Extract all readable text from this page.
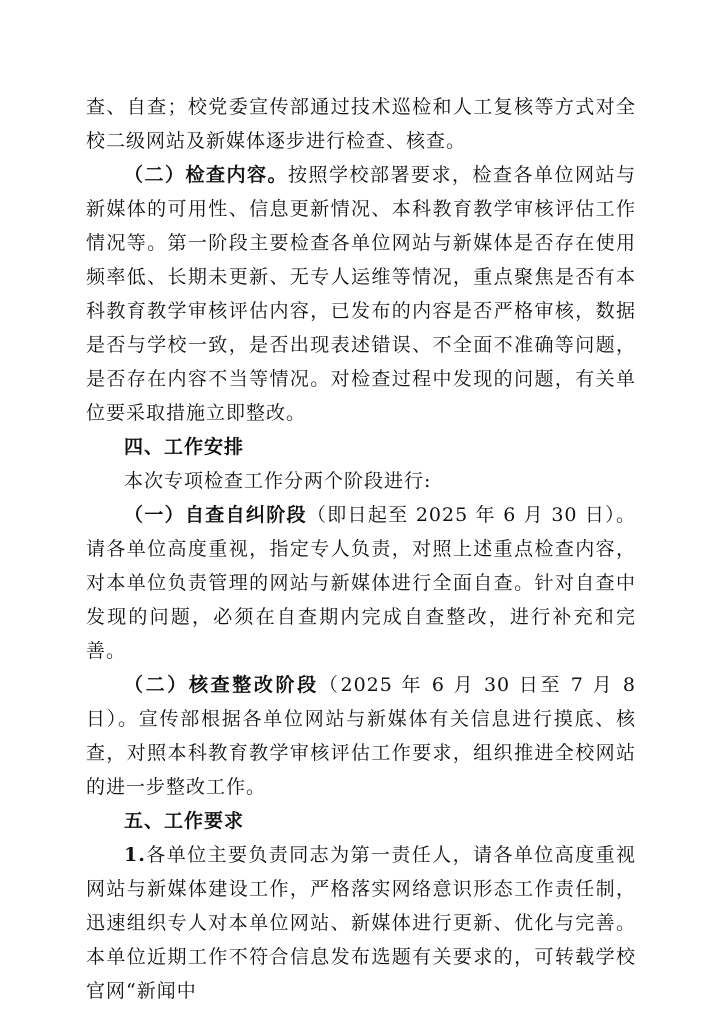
查、自查；校党委宣传部通过技术巡检和人工复核等方式对全校二级网站及新媒体逐步进行检查、核查。

（二）检查内容。按照学校部署要求，检查各单位网站与新媒体的可用性、信息更新情况、本科教育教学审核评估工作情况等。第一阶段主要检查各单位网站与新媒体是否存在使用频率低、长期未更新、无专人运维等情况，重点聚焦是否有本科教育教学审核评估内容，已发布的内容是否严格审核，数据是否与学校一致，是否出现表述错误、不全面不准确等问题，是否存在内容不当等情况。对检查过程中发现的问题，有关单位要采取措施立即整改。

四、工作安排

本次专项检查工作分两个阶段进行:

（一）自查自纠阶段（即日起至 2025 年 6 月 30 日）。 请各单位高度重视，指定专人负责，对照上述重点检查内容，对本单位负责管理的网站与新媒体进行全面自查。针对自查中发现的问题，必须在自查期内完成自查整改，进行补充和完善。

（二）核查整改阶段（2025 年 6 月 30 日至 7 月 8 日）。宣传部根据各单位网站与新媒体有关信息进行摸底、核查，对照本科教育教学审核评估工作要求，组织推进全校网站的进一步整改工作。

五、工作要求

1.各单位主要负责同志为第一责任人，请各单位高度重视网站与新媒体建设工作，严格落实网络意识形态工作责任制，迅速组织专人对本单位网站、新媒体进行更新、优化与完善。本单位近期工作不符合信息发布选题有关要求的，可转载学校官网“新闻中
